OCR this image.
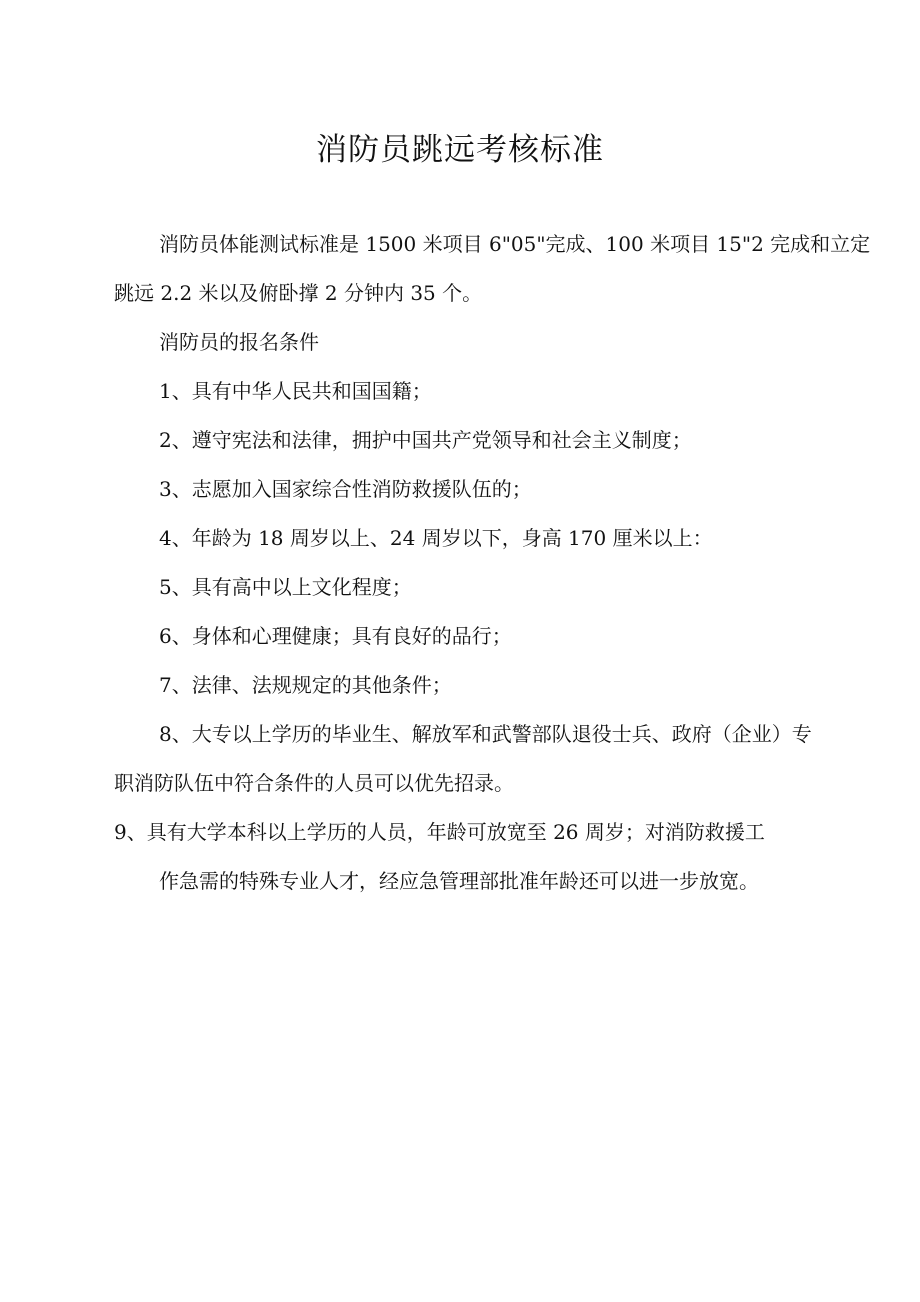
消防员跳远考核标准

消防员体能测试标准是 1500 米项目 6"05"完成、100 米项目 15"2 完成和立定

跳远 2.2 米以及俯卧撑 2 分钟内 35 个。

消防员的报名条件

1、具有中华人民共和国国籍；

2、遵守宪法和法律，拥护中国共产党领导和社会主义制度；

3、志愿加入国家综合性消防救援队伍的；

4、年龄为 18 周岁以上、24 周岁以下，身高 170 厘米以上：

5、具有高中以上文化程度；

6、身体和心理健康；具有良好的品行；

7、法律、法规规定的其他条件；

8、大专以上学历的毕业生、解放军和武警部队退役士兵、政府（企业）专

职消防队伍中符合条件的人员可以优先招录。

9、具有大学本科以上学历的人员，年龄可放宽至 26 周岁；对消防救援工

作急需的特殊专业人才，经应急管理部批准年龄还可以进一步放宽。
